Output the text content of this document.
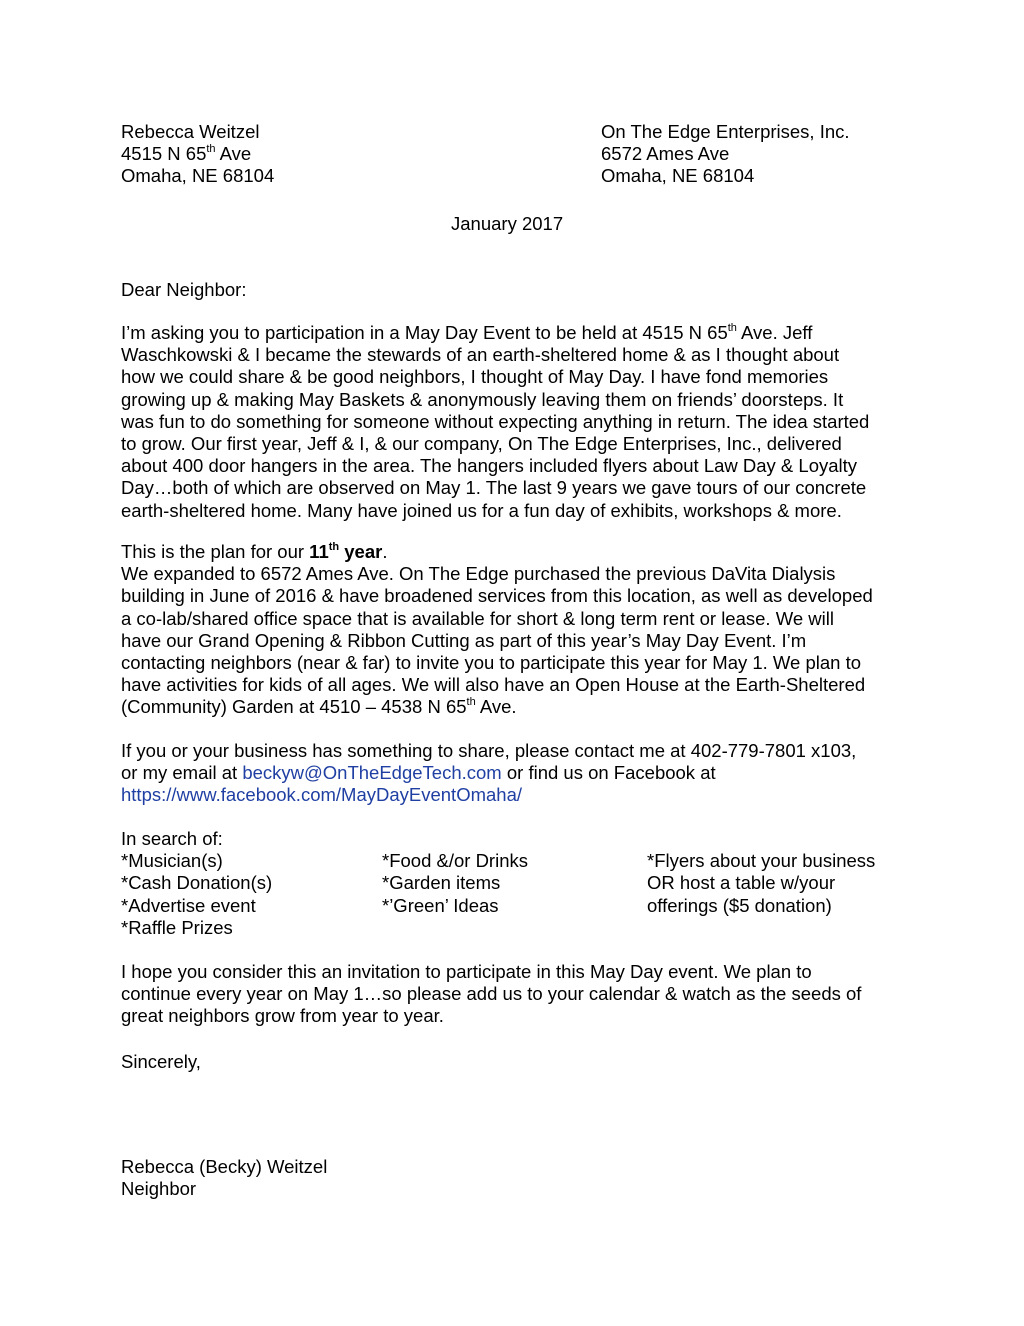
Rebecca Weitzel
4515 N 65th Ave
Omaha, NE 68104
On The Edge Enterprises, Inc.
6572 Ames Ave
Omaha, NE 68104
January 2017
Dear Neighbor:
I’m asking you to participation in a May Day Event to be held at 4515 N 65th Ave. Jeff
Waschkowski & I became the stewards of an earth-sheltered home & as I thought about
how we could share & be good neighbors, I thought of May Day. I have fond memories
growing up & making May Baskets & anonymously leaving them on friends’ doorsteps. It
was fun to do something for someone without expecting anything in return. The idea started
to grow. Our first year, Jeff & I, & our company, On The Edge Enterprises, Inc., delivered
about 400 door hangers in the area. The hangers included flyers about Law Day & Loyalty
Day…both of which are observed on May 1. The last 9 years we gave tours of our concrete
earth-sheltered home. Many have joined us for a fun day of exhibits, workshops & more.
This is the plan for our 11th year.
We expanded to 6572 Ames Ave. On The Edge purchased the previous DaVita Dialysis
building in June of 2016 & have broadened services from this location, as well as developed
a co-lab/shared office space that is available for short & long term rent or lease. We will
have our Grand Opening & Ribbon Cutting as part of this year’s May Day Event. I’m
contacting neighbors (near & far) to invite you to participate this year for May 1. We plan to
have activities for kids of all ages. We will also have an Open House at the Earth-Sheltered
(Community) Garden at 4510 – 4538 N 65th Ave.
If you or your business has something to share, please contact me at 402-779-7801 x103,
or my email at beckyw@OnTheEdgeTech.com or find us on Facebook at
https://www.facebook.com/MayDayEventOmaha/
In search of:
*Musician(s)	*Food &/or Drinks	*Flyers about your business
*Cash Donation(s)	*Garden items	OR host a table w/your
*Advertise event	*’Green’ Ideas	offerings ($5 donation)
*Raffle Prizes
I hope you consider this an invitation to participate in this May Day event. We plan to
continue every year on May 1…so please add us to your calendar & watch as the seeds of
great neighbors grow from year to year.
Sincerely,
Rebecca (Becky) Weitzel
Neighbor
